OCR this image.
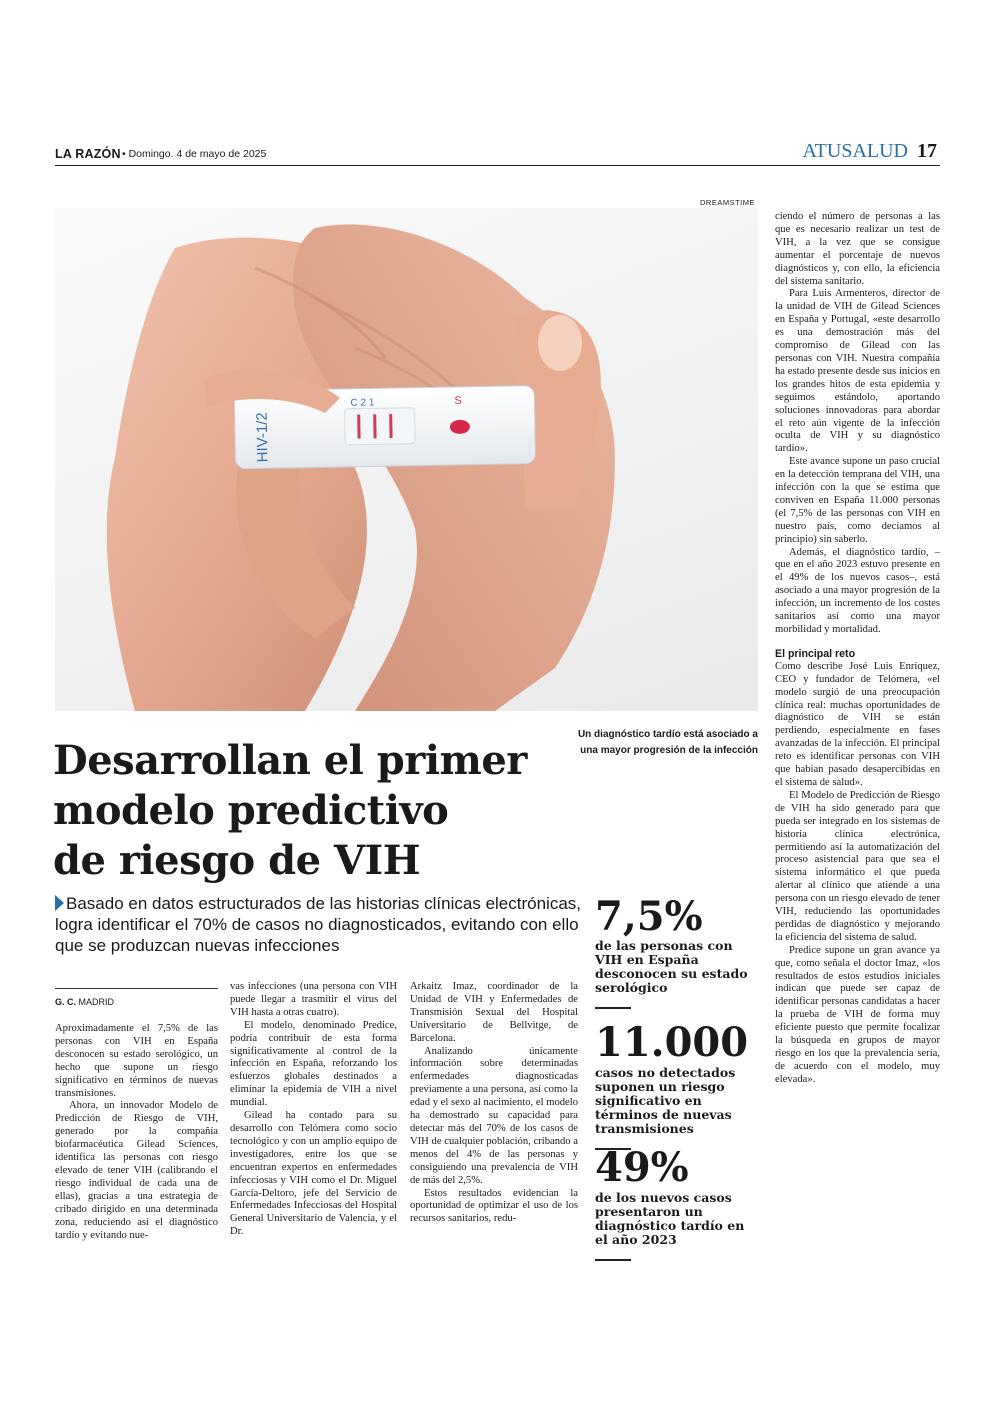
LA RAZÓN • Domingo. 4 de mayo de 2025	ATUSALUD 17
DREAMSTIME
HIV-1/2
C 2 1	S
Un diagnóstico tardío está asociado a una mayor progresión de la infección
Desarrollan el primer
modelo predictivo
de riesgo de VIH
Basado en datos estructurados de las historias clínicas electrónicas, logra identificar el 70% de casos no diagnosticados, evitando con ello que se produzcan nuevas infecciones
G. C. MADRID

Aproximadamente el 7,5% de las personas con VIH en España desconocen su estado serológico, un hecho que supone un riesgo significativo en términos de nuevas transmisiones.

Ahora, un innovador Modelo de Predicción de Riesgo de VIH, generado por la compañía biofarmacéutica Gilead Sciences, identifica las personas con riesgo elevado de tener VIH (calibrando el riesgo individual de cada una de ellas), gracias a una estrategia de cribado dirigido en una determinada zona, reduciendo así el diagnóstico tardío y evitando nue-

vas infecciones (una persona con VIH puede llegar a trasmitir el virus del VIH hasta a otras cuatro).

El modelo, denominado Predice, podría contribuir de esta forma significativamente al control de la infección en España, reforzando los esfuerzos globales destinados a eliminar la epidemia de VIH a nivel mundial.

Gilead ha contado para su desarrollo con Telómera como socio tecnológico y con un amplio equipo de investigadores, entre los que se encuentran expertos en enfermedades infecciosas y VIH como el Dr. Miguel García-Deltoro, jefe del Servicio de Enfermedades Infecciosas del Hospital General Universitario de Valencia, y el Dr.

Arkaitz Imaz, coordinador de la Unidad de VIH y Enfermedades de Transmisión Sexual del Hospital Universitario de Bellvitge, de Barcelona.

Analizando únicamente información sobre determinadas enfermedades diagnosticadas previamente a una persona, así como la edad y el sexo al nacimiento, el modelo ha demostrado su capacidad para detectar más del 70% de los casos de VIH de cualquier población, cribando a menos del 4% de las personas y consiguiendo una prevalencia de VIH de más del 2,5%.

Estos resultados evidencian la oportunidad de optimizar el uso de los recursos sanitarios, redu-

7,5%
de las personas con VIH en España desconocen su estado serológico
11.000
casos no detectados suponen un riesgo significativo en términos de nuevas transmisiones
49%
de los nuevos casos presentaron un diagnóstico tardío en el año 2023

ciendo el número de personas a las que es necesario realizar un test de VIH, a la vez que se consigue aumentar el porcentaje de nuevos diagnósticos y, con ello, la eficiencia del sistema sanitario.

Para Luis Armenteros, director de la unidad de VIH de Gilead Sciences en España y Portugal, «este desarrollo es una demostración más del compromiso de Gilead con las personas con VIH. Nuestra compañía ha estado presente desde sus inicios en los grandes hitos de esta epidemia y seguimos estándolo, aportando soluciones innovadoras para abordar el reto aún vigente de la infección oculta de VIH y su diagnóstico tardío».

Este avance supone un paso crucial en la detección temprana del VIH, una infección con la que se estima que conviven en España 11.000 personas (el 7,5% de las personas con VIH en nuestro país, como decíamos al principio) sin saberlo.

Además, el diagnóstico tardío, –que en el año 2023 estuvo presente en el 49% de los nuevos casos–, está asociado a una mayor progresión de la infección, un incremento de los costes sanitarios así como una mayor morbilidad y mortalidad.

El principal reto

Como describe José Luis Enríquez, CEO y fundador de Telómera, «el modelo surgió de una preocupación clínica real: muchas oportunidades de diagnóstico de VIH se están perdiendo, especialmente en fases avanzadas de la infección. El principal reto es identificar personas con VIH que habían pasado desapercibidas en el sistema de salud».

El Modelo de Predicción de Riesgo de VIH ha sido generado para que pueda ser integrado en los sistemas de historia clínica electrónica, permitiendo así la automatización del proceso asistencial para que sea el sistema informático el que pueda alertar al clínico que atiende a una persona con un riesgo elevado de tener VIH, reduciendo las oportunidades perdidas de diagnóstico y mejorando la eficiencia del sistema de salud.

Predice supone un gran avance ya que, como señala el doctor Imaz, «los resultados de estos estudios iniciales indican que puede ser capaz de identificar personas candidatas a hacer la prueba de VIH de forma muy eficiente puesto que permite focalizar la búsqueda en grupos de mayor riesgo en los que la prevalencia sería, de acuerdo con el modelo, muy elevada».
